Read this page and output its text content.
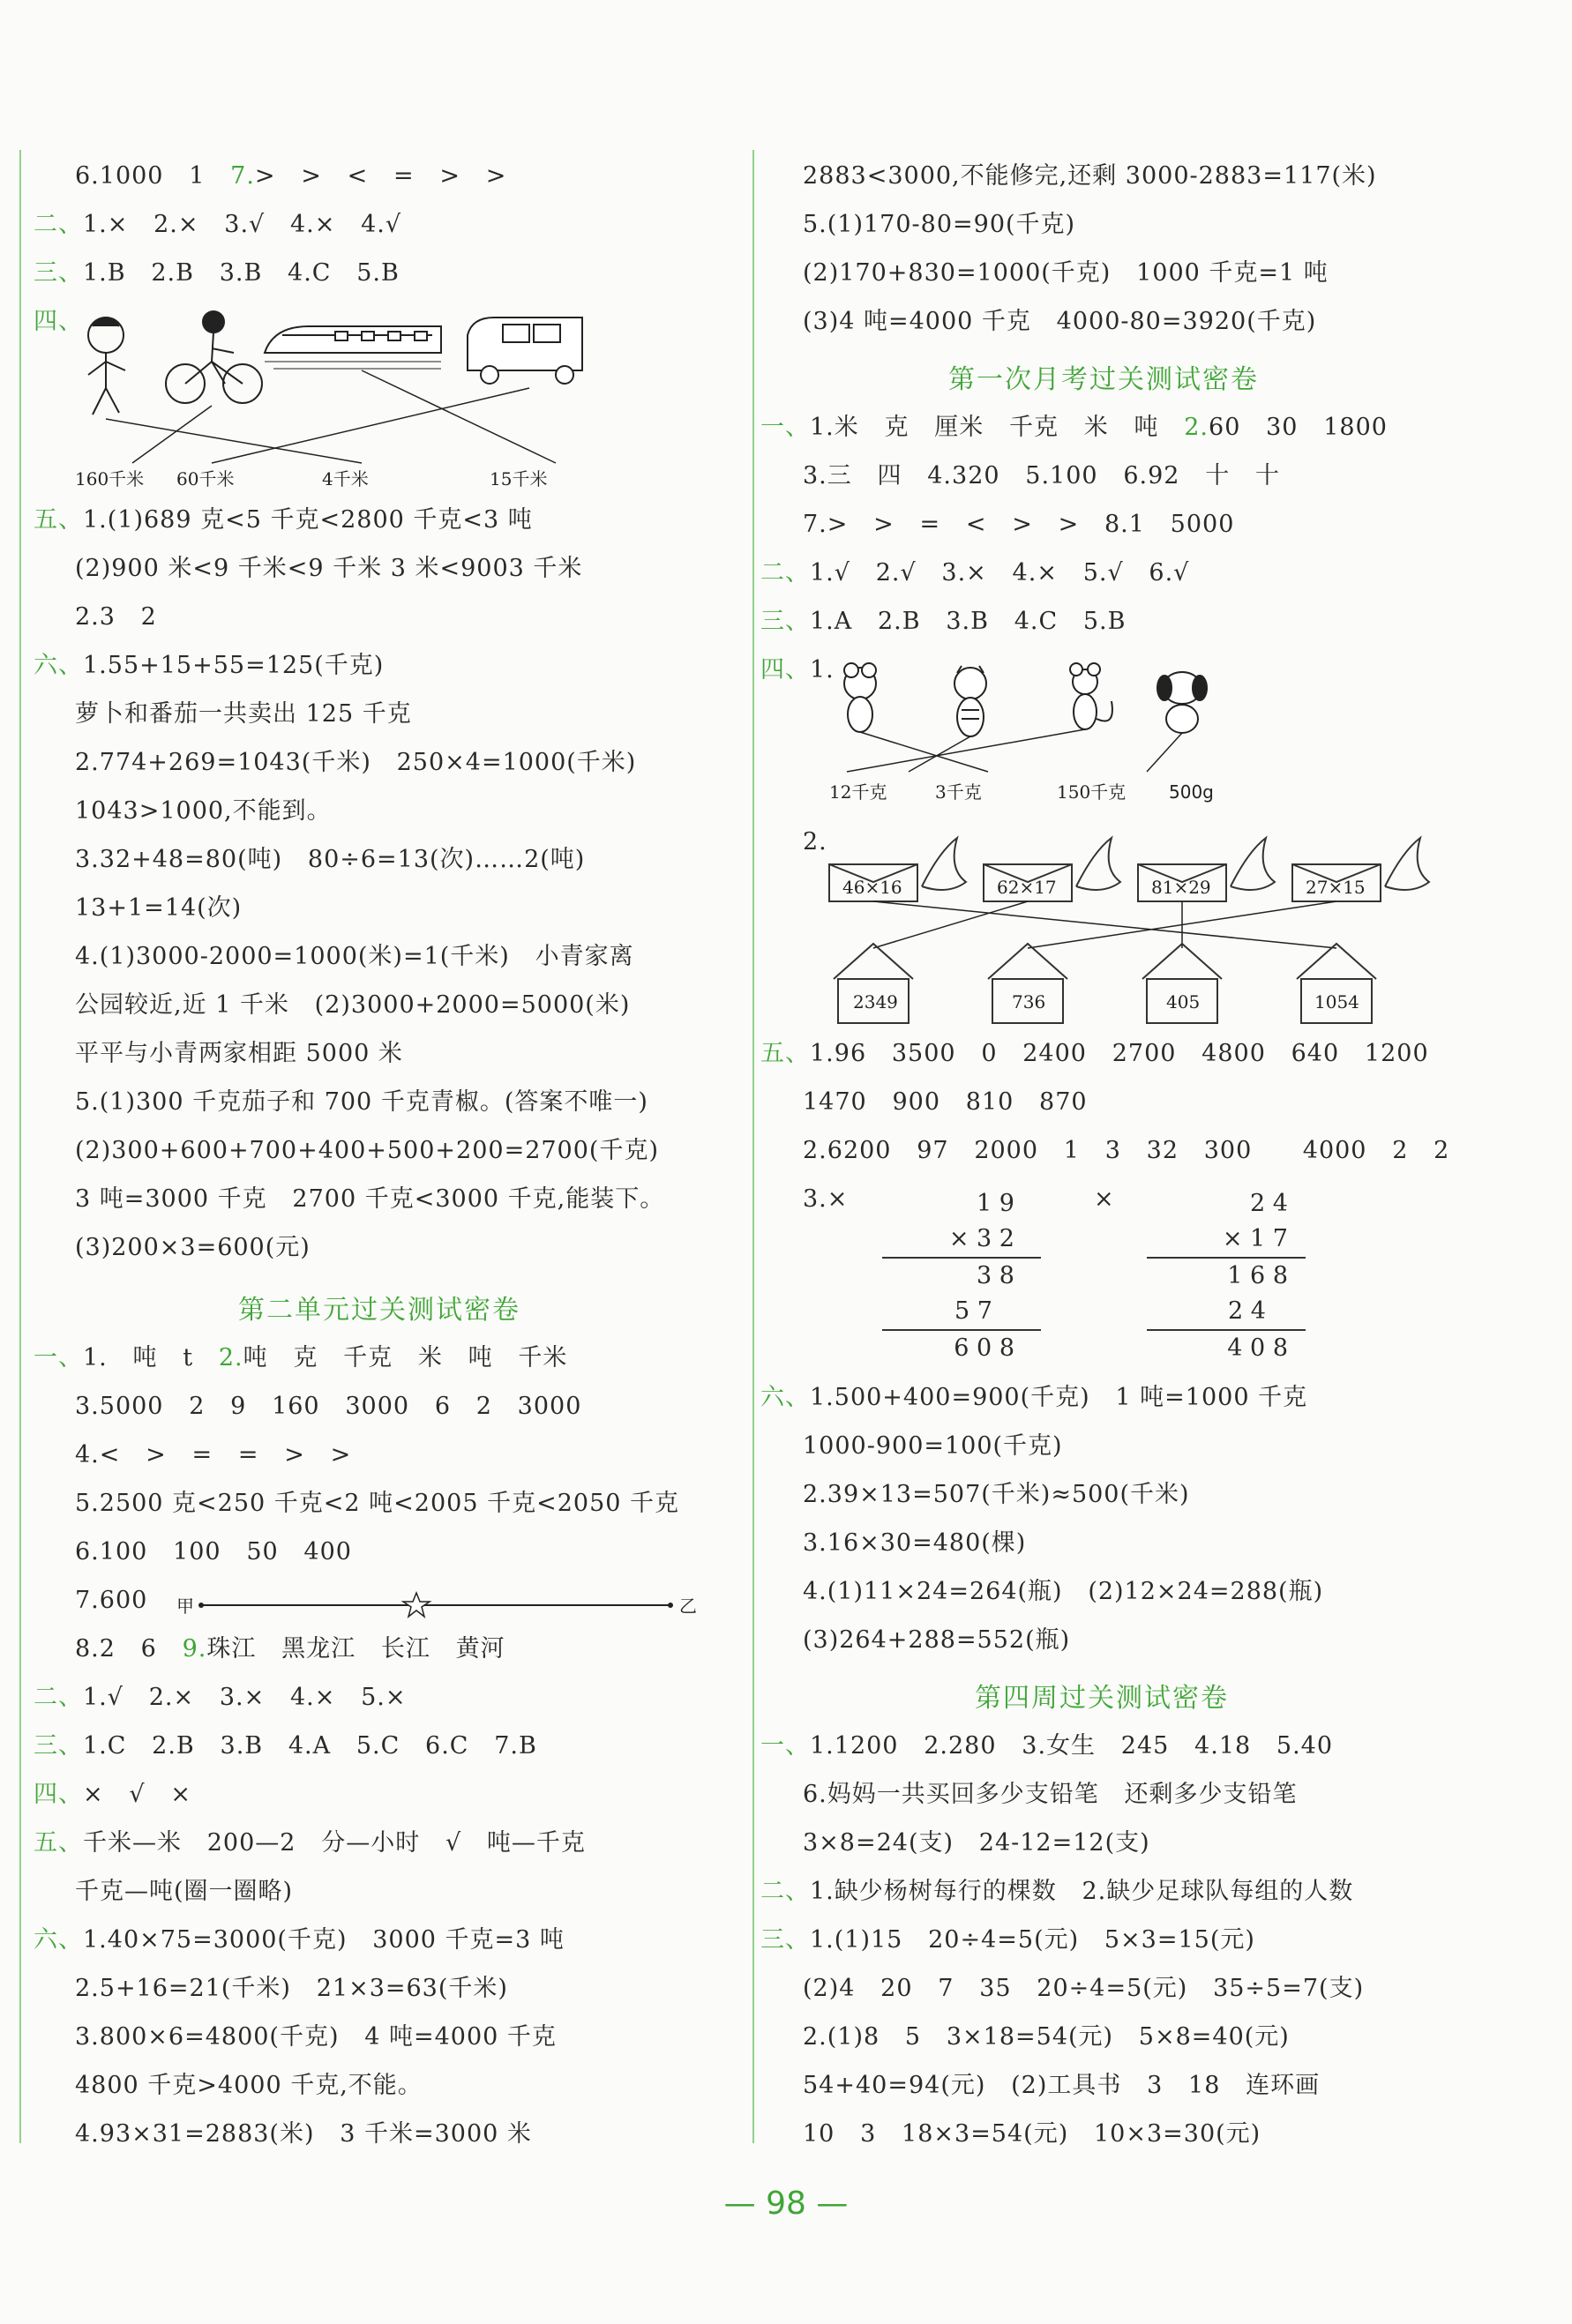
6.1000   1   7.>   >   <   =   >   >
二、1.×   2.×   3.√   4.×   4.√
三、1.B   2.B   3.B   4.C   5.B
四、
160千米 60千米	4千米	15千米
五、1.(1)689 克<5 千克<2800 千克<3 吨
(2)900 米<9 千米<9 千米 3 米<9003 千米
2.3   2
六、1.55+15+55=125(千克)
萝卜和番茄一共卖出 125 千克
2.774+269=1043(千米)   250×4=1000(千米)
1043>1000,不能到。
3.32+48=80(吨)   80÷6=13(次)……2(吨)
13+1=14(次)
4.(1)3000-2000=1000(米)=1(千米)   小青家离
公园较近,近 1 千米   (2)3000+2000=5000(米)
平平与小青两家相距 5000 米
5.(1)300 千克茄子和 700 千克青椒。(答案不唯一)
(2)300+600+700+400+500+200=2700(千克)
3 吨=3000 千克   2700 千克<3000 千克,能装下。
(3)200×3=600(元)
第二单元过关测试密卷
一、1.   吨   t   2.吨   克   千克   米   吨   千米
3.5000   2   9   160   3000   6   2   3000
4.<   >   =   =   >   >
5.2500 克<250 千克<2 吨<2005 千克<2050 千克
6.100   100   50   400
7.600 甲	乙
8.2   6   9.珠江   黑龙江   长江   黄河
二、1.√   2.×   3.×   4.×   5.×
三、1.C   2.B   3.B   4.A   5.C   6.C   7.B
四、×   √   ×
五、千米—米   200—2   分—小时   √   吨—千克
千克—吨(圈一圈略)
六、1.40×75=3000(千克)   3000 千克=3 吨
2.5+16=21(千米)   21×3=63(千米)
3.800×6=4800(千克)   4 吨=4000 千克
4800 千克>4000 千克,不能。
4.93×31=2883(米)   3 千米=3000 米
2883<3000,不能修完,还剩 3000-2883=117(米)
5.(1)170-80=90(千克)
(2)170+830=1000(千克)   1000 千克=1 吨
(3)4 吨=4000 千克   4000-80=3920(千克)
第一次月考过关测试密卷
一、1.米   克   厘米   千克   米   吨   2.60   30   1800
3.三   四   4.320   5.100   6.92   十   十
7.>   >   =   <   >   >   8.1   5000
二、1.√   2.√   3.×   4.×   5.√   6.√
三、1.A   2.B   3.B   4.C   5.B
四、1.
12千克	3千克	150千克 500g
2.
46×16	62×17	81×29	27×15
2349	736	405	1054
五、1.96   3500   0   2400   2700   4800   640   1200
1470   900   810   870
2.6200   97   2000   1   3   32   300      4000   2   2
3.×	1 9
× 3 2
3 8
5 7
6 0 8
×	2 4
× 1 7
1 6 8
2 4
4 0 8
六、1.500+400=900(千克)   1 吨=1000 千克
1000-900=100(千克)
2.39×13=507(千米)≈500(千米)
3.16×30=480(棵)
4.(1)11×24=264(瓶)   (2)12×24=288(瓶)
(3)264+288=552(瓶)
第四周过关测试密卷
一、1.1200   2.280   3.女生   245   4.18   5.40
6.妈妈一共买回多少支铅笔   还剩多少支铅笔
3×8=24(支)   24-12=12(支)
二、1.缺少杨树每行的棵数   2.缺少足球队每组的人数
三、1.(1)15   20÷4=5(元)   5×3=15(元)
(2)4   20   7   35   20÷4=5(元)   35÷5=7(支)
2.(1)8   5   3×18=54(元)   5×8=40(元)
54+40=94(元)   (2)工具书   3   18   连环画
10   3   18×3=54(元)   10×3=30(元)
— 98 —
